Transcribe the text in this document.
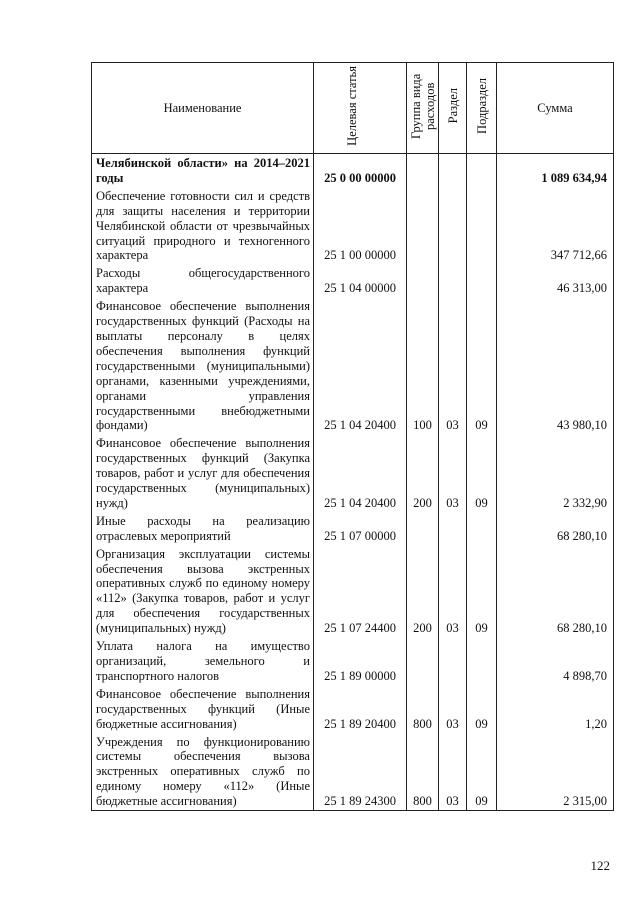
Наименование	Целевая статья	Группа вида расходов	Раздел	Подраздел	Сумма
Челябинской области» на 2014–2021 годы	25 0 00 00000				1 089 634,94
Обеспечение готовности сил и средств для защиты населения и территории Челябинской области от чрезвычайных ситуаций природного и техногенного характера	25 1 00 00000				347 712,66
Расходы общегосударственного характера	25 1 04 00000				46 313,00
Финансовое обеспечение выполнения государственных функций (Расходы на выплаты персоналу в целях обеспечения выполнения функций государственными (муниципальными) органами, казенными учреждениями, органами управления государственными внебюджетными фондами)	25 1 04 20400	100	03	09	43 980,10
Финансовое обеспечение выполнения государственных функций (Закупка товаров, работ и услуг для обеспечения государственных (муниципальных) нужд)	25 1 04 20400	200	03	09	2 332,90
Иные расходы на реализацию отраслевых мероприятий	25 1 07 00000				68 280,10
Организация эксплуатации системы обеспечения вызова экстренных оперативных служб по единому номеру «112» (Закупка товаров, работ и услуг для обеспечения государственных (муниципальных) нужд)	25 1 07 24400	200	03	09	68 280,10
Уплата налога на имущество организаций, земельного и транспортного налогов	25 1 89 00000				4 898,70
Финансовое обеспечение выполнения государственных функций (Иные бюджетные ассигнования)	25 1 89 20400	800	03	09	1,20
Учреждения по функционированию системы обеспечения вызова экстренных оперативных служб по единому номеру «112» (Иные бюджетные ассигнования)	25 1 89 24300	800	03	09	2 315,00
122
